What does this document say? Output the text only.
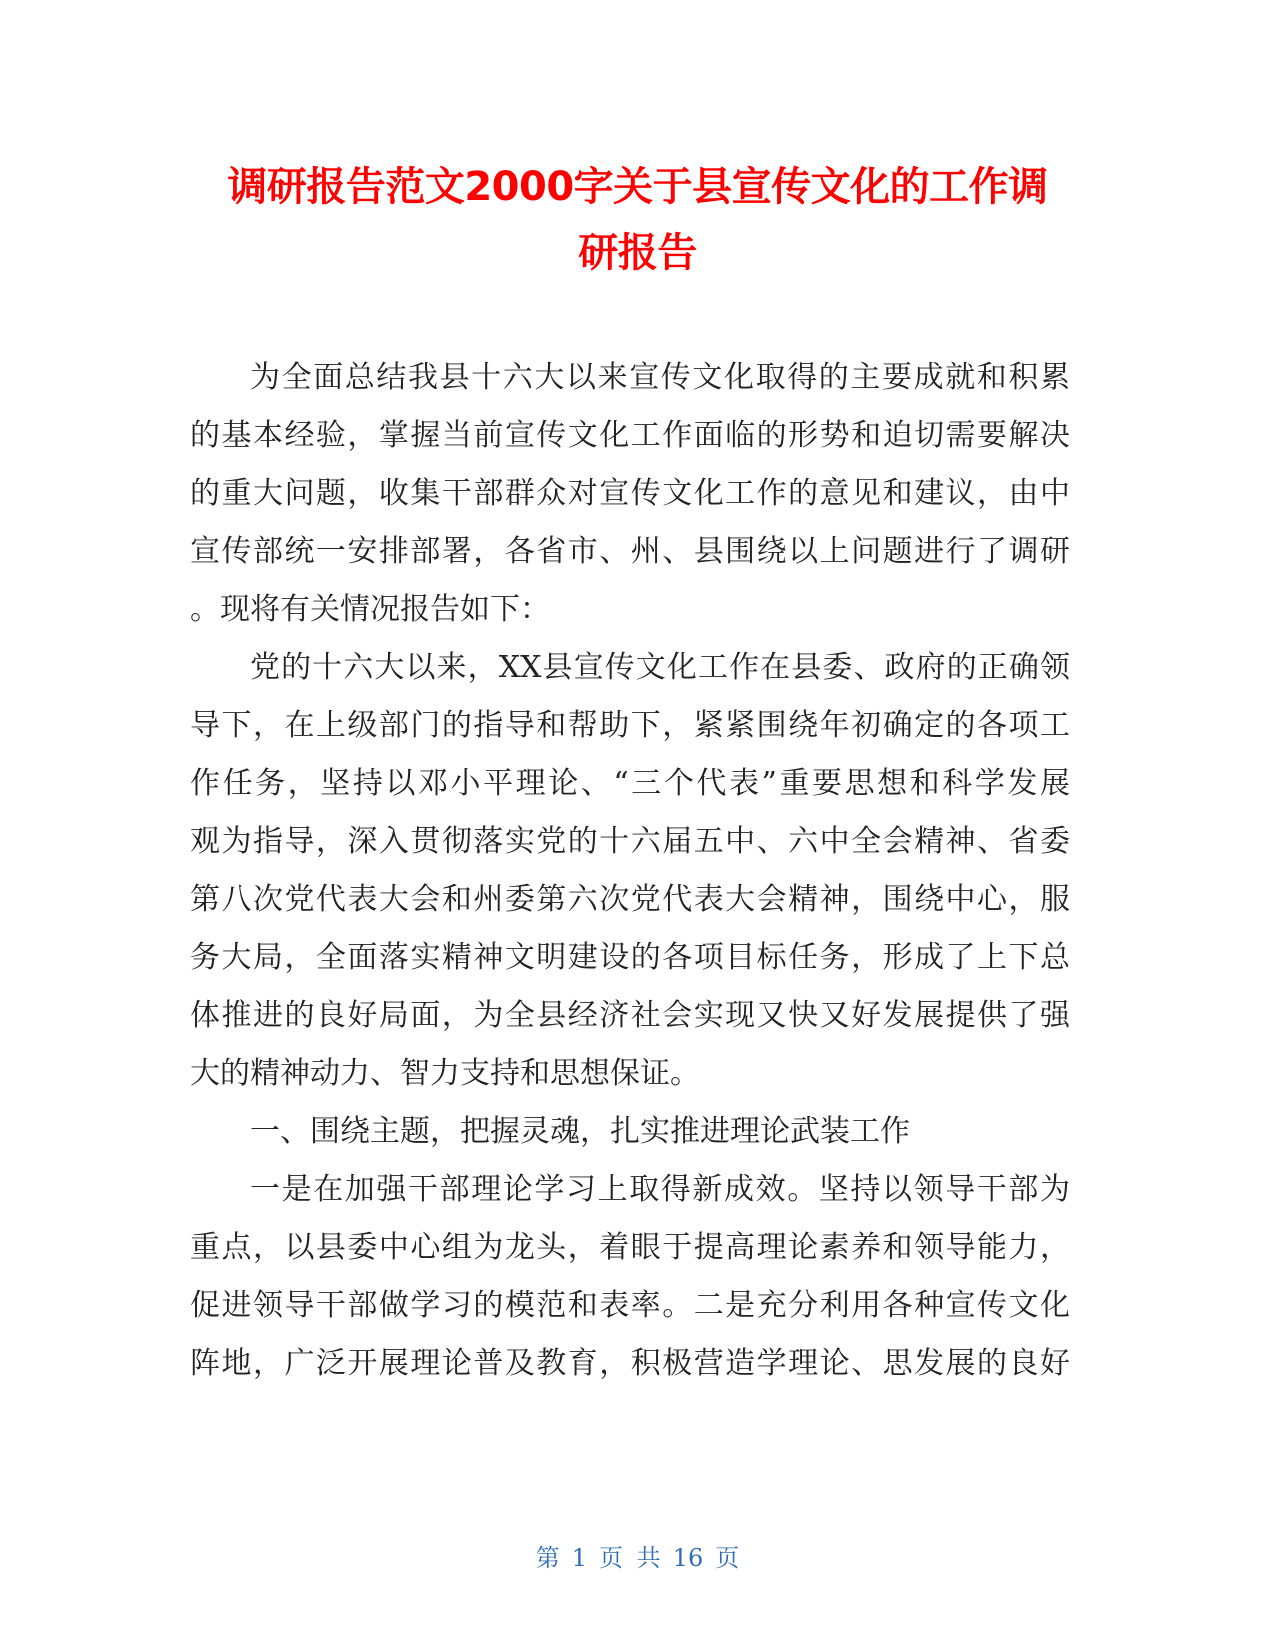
调研报告范文2000字关于县宣传文化的工作调
研报告
为全面总结我县十六大以来宣传文化取得的主要成就和积累
的基本经验，掌握当前宣传文化工作面临的形势和迫切需要解决
的重大问题，收集干部群众对宣传文化工作的意见和建议，由中
宣传部统一安排部署，各省市、州、县围绕以上问题进行了调研
。现将有关情况报告如下：
党的十六大以来，XX县宣传文化工作在县委、政府的正确领
导下，在上级部门的指导和帮助下，紧紧围绕年初确定的各项工
作任务，坚持以邓小平理论、“三个代表”重要思想和科学发展
观为指导，深入贯彻落实党的十六届五中、六中全会精神、省委
第八次党代表大会和州委第六次党代表大会精神，围绕中心，服
务大局，全面落实精神文明建设的各项目标任务，形成了上下总
体推进的良好局面，为全县经济社会实现又快又好发展提供了强
大的精神动力、智力支持和思想保证。
一、围绕主题，把握灵魂，扎实推进理论武装工作
一是在加强干部理论学习上取得新成效。坚持以领导干部为
重点，以县委中心组为龙头，着眼于提高理论素养和领导能力，
促进领导干部做学习的模范和表率。二是充分利用各种宣传文化
阵地，广泛开展理论普及教育，积极营造学理论、思发展的良好
第 1 页 共 16 页
